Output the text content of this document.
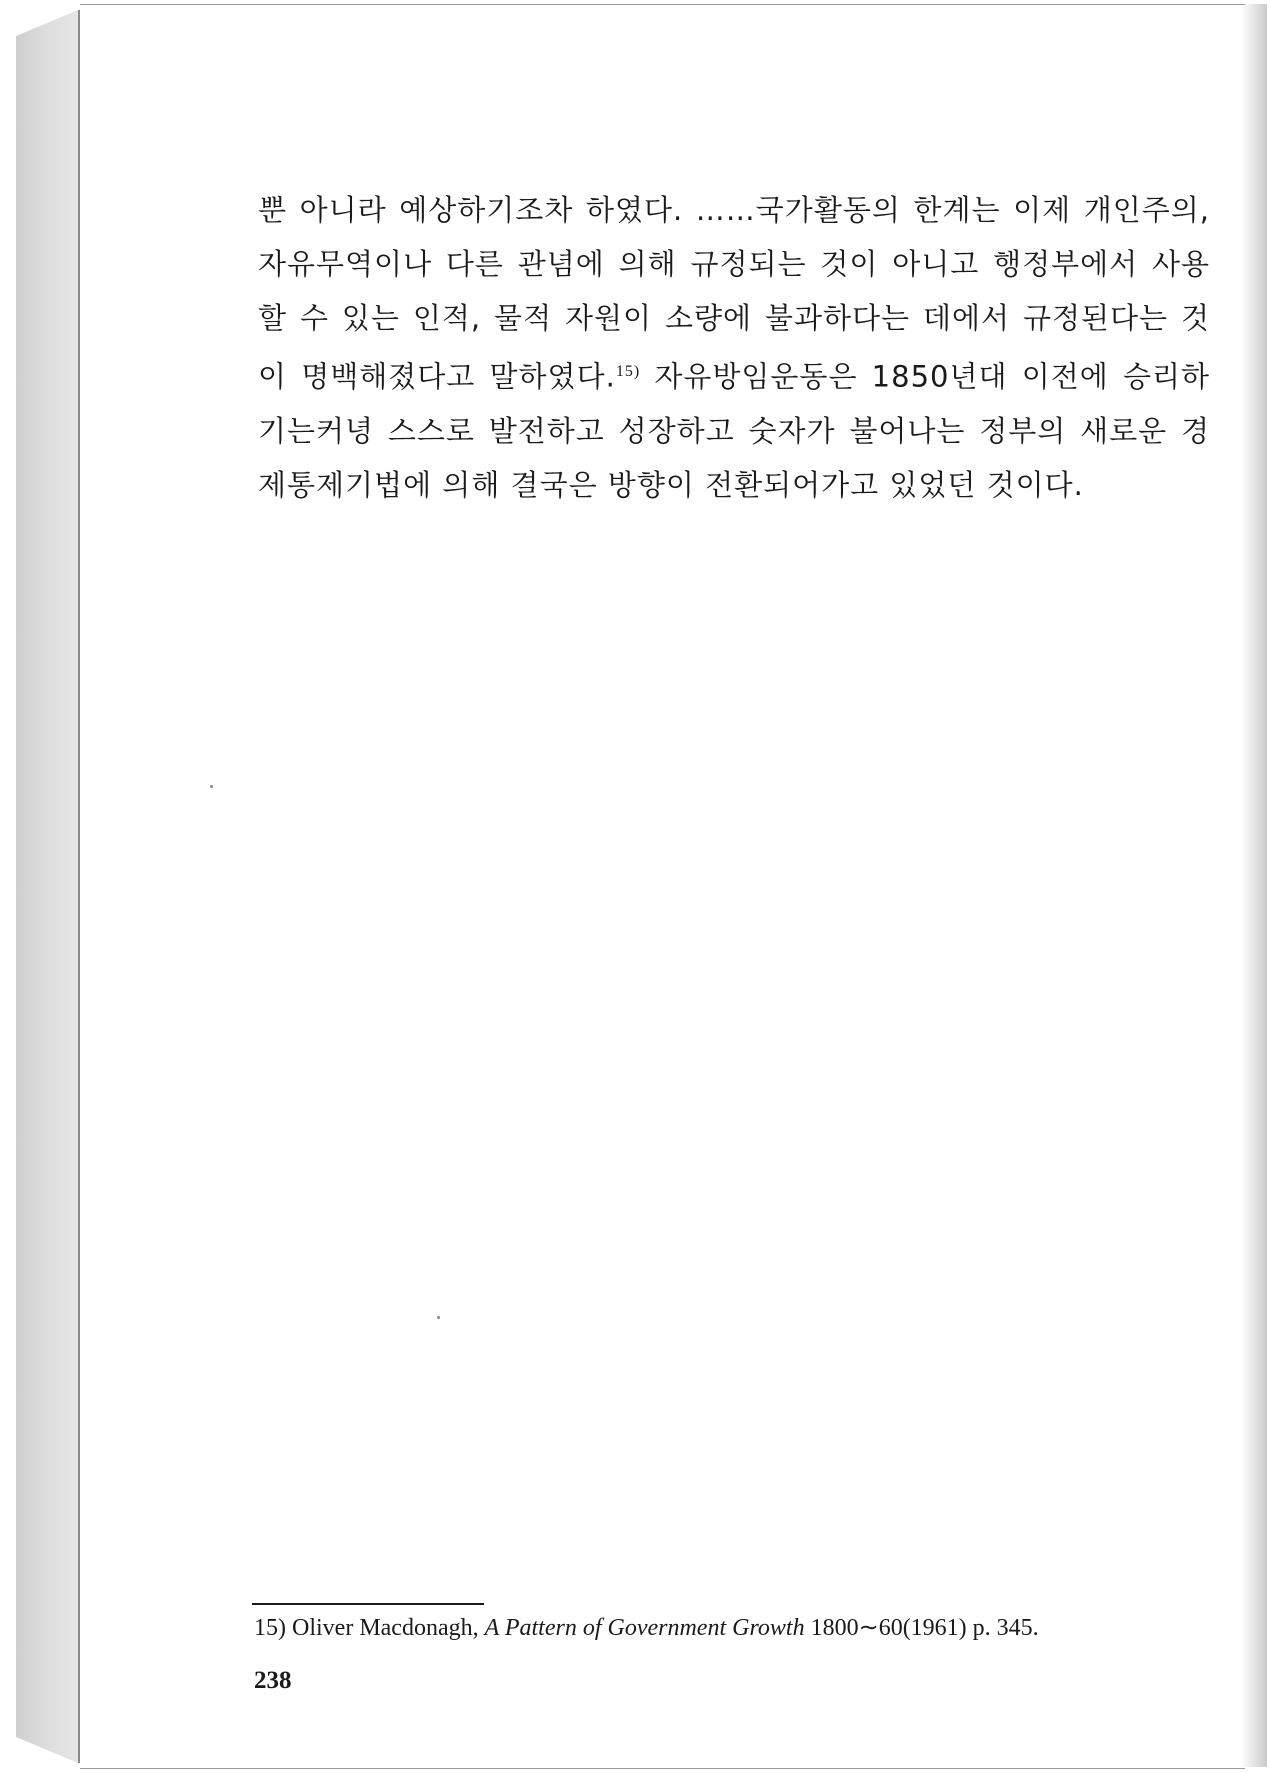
뿐 아니라 예상하기조차 하였다. ……국가활동의 한계는 이제 개인주의, 자유무역이나 다른 관념에 의해 규정되는 것이 아니고 행정부에서 사용할 수 있는 인적, 물적 자원이 소량에 불과하다는 데에서 규정된다는 것이 명백해졌다고 말하였다.$^{15)}$ 자유방임운동은 1850년대 이전에 승리하기는커녕 스스로 발전하고 성장하고 숫자가 불어나는 정부의 새로운 경제통제기법에 의해 결국은 방향이 전환되어가고 있었던 것이다.

15) Oliver Macdonagh, A Pattern of Government Growth 1800∼60(1961) p. 345.
238
